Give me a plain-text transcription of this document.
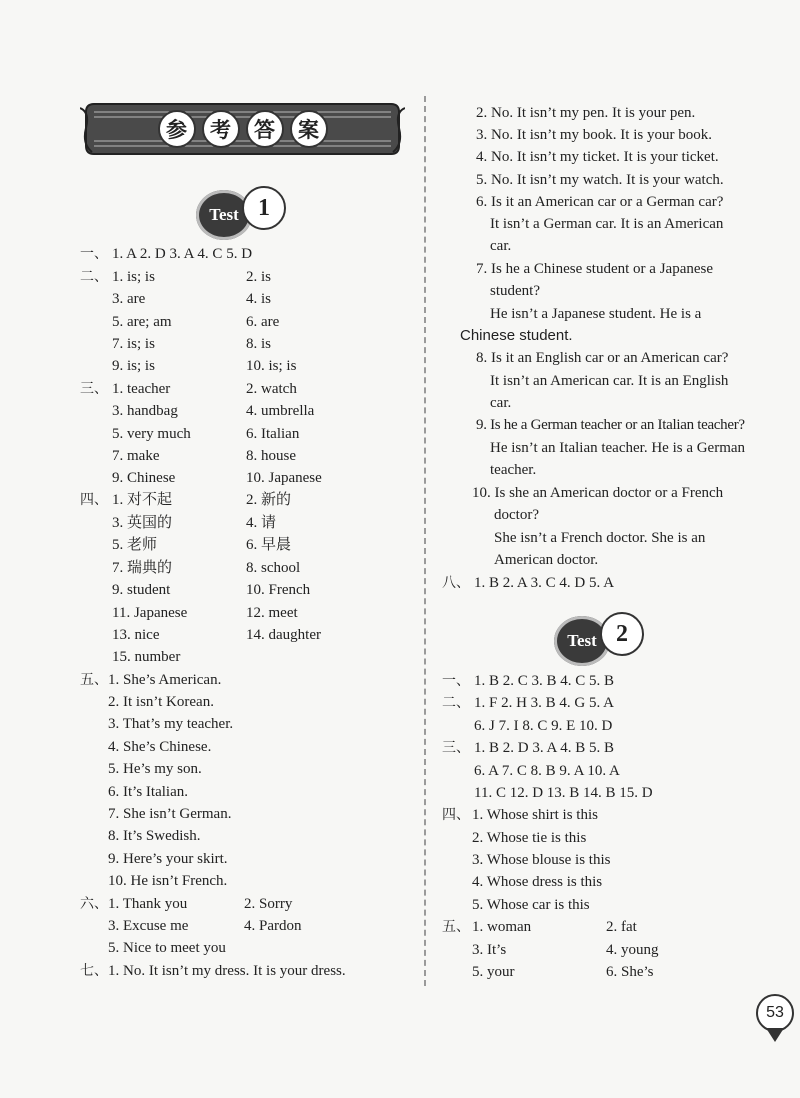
参	考	答	案
Test 1
Test 2
一、 1. A 2. D 3. A 4. C 5. D
二、 1. is; is	2. is
3. are	4. is
5. are; am	6. are
7. is; is	8. is
9. is; is	10. is; is
三、 1. teacher	2. watch
3. handbag	4. umbrella
5. very much	6. Italian
7. make	8. house
9. Chinese	10. Japanese
四、 1. 对不起	2. 新的
3. 英国的	4. 请
5. 老师	6. 早晨
7. 瑞典的	8. school
9. student	10. French
11. Japanese	12. meet
13. nice	14. daughter
15. number
五、 1. She’s American.
2. It isn’t Korean.
3. That’s my teacher.
4. She’s Chinese.
5. He’s my son.
6. It’s Italian.
7. She isn’t German.
8. It’s Swedish.
9. Here’s your skirt.
10. He isn’t French.
六、 1. Thank you	2. Sorry
3. Excuse me	4. Pardon
5. Nice to meet you
七、 1. No. It isn’t my dress. It is your dress.
2. No. It isn’t my pen. It is your pen.
3. No. It isn’t my book. It is your book.
4. No. It isn’t my ticket. It is your ticket.
5. No. It isn’t my watch. It is your watch.
6. Is it an American car or a German car?
It isn’t a German car. It is an American
car.
7. Is he a Chinese student or a Japanese
student?
He isn’t a Japanese student. He is a
Chinese student.
8. Is it an English car or an American car?
It isn’t an American car. It is an English
car.
9. Is he a German teacher or an Italian teacher?
He isn’t an Italian teacher. He is a German
teacher.
10. Is she an American doctor or a French
doctor?
She isn’t a French doctor. She is an
American doctor.
八、 1. B 2. A 3. C 4. D 5. A
一、 1. B 2. C 3. B 4. C 5. B
二、 1. F 2. H 3. B 4. G 5. A
6. J 7. I 8. C 9. E 10. D
三、 1. B 2. D 3. A 4. B 5. B
6. A 7. C 8. B 9. A 10. A
11. C 12. D 13. B 14. B 15. D
四、 1. Whose shirt is this
2. Whose tie is this
3. Whose blouse is this
4. Whose dress is this
5. Whose car is this
五、 1. woman	2. fat
3. It’s	4. young
5. your	6. She’s
53
